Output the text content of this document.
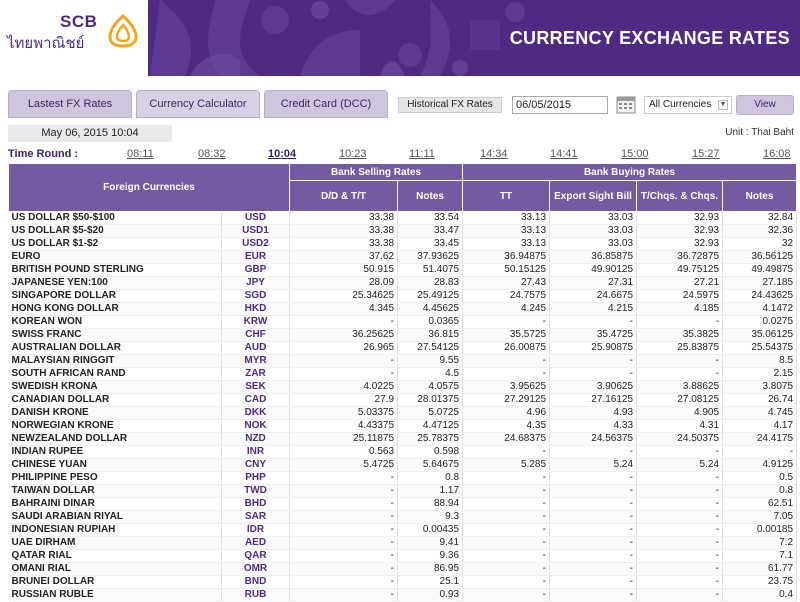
SCB
ไทยพาณิชย์	CURRENCY EXCHANGE RATES
Lastest FX Rates	Currency Calculator	Credit Card (DCC)	Historical FX Rates
06/05/2015	All Currencies ▼	View
May 06, 2015 10:04	Unit : Thai Baht
Time Round :	08:11	08:32	10:04	10:23	11:11	14:34	14:41	15:00	15:27	16:08
Foreign Currencies		Bank Selling Rates		Bank Buying Rates			
		D/D & T/T	Notes	TT	Export Sight Bill	T/Chqs. & Chqs.	Notes
US DOLLAR $50-$100	USD	33.38	33.54	33.13	33.03	32.93	32.84
US DOLLAR $5-$20	USD1	33.38	33.47	33.13	33.03	32.93	32.36
US DOLLAR $1-$2	USD2	33.38	33.45	33.13	33.03	32.93	32
EURO	EUR	37.62	37.93625	36.94875	36.85875	36.72875	36.56125
BRITISH POUND STERLING	GBP	50.915	51.4075	50.15125	49.90125	49.75125	49.49875
JAPANESE YEN:100	JPY	28.09	28.83	27.43	27.31	27.21	27.185
SINGAPORE DOLLAR	SGD	25.34625	25.49125	24.7575	24.6675	24.5975	24.43625
HONG KONG DOLLAR	HKD	4.345	4.45625	4.245	4.215	4.185	4.1472
KOREAN WON	KRW	-	0.0365	-	-	-	0.0275
SWISS FRANC	CHF	36.25625	36.815	35.5725	35.4725	35.3825	35.06125
AUSTRALIAN DOLLAR	AUD	26.965	27.54125	26.00875	25.90875	25.83875	25.54375
MALAYSIAN RINGGIT	MYR	-	9.55	-	-	-	8.5
SOUTH AFRICAN RAND	ZAR	-	4.5	-	-	-	2.15
SWEDISH KRONA	SEK	4.0225	4.0575	3.95625	3.90625	3.88625	3.8075
CANADIAN DOLLAR	CAD	27.9	28.01375	27.29125	27.16125	27.08125	26.74
DANISH KRONE	DKK	5.03375	5.0725	4.96	4.93	4.905	4.745
NORWEGIAN KRONE	NOK	4.43375	4.47125	4.35	4.33	4.31	4.17
NEWZEALAND DOLLAR	NZD	25.11875	25.78375	24.68375	24.56375	24.50375	24.4175
INDIAN RUPEE	INR	0.563	0.598	-	-	-	-
CHINESE YUAN	CNY	5.4725	5.64675	5.285	5.24	5.24	4.9125
PHILIPPINE PESO	PHP	-	0.8	-	-	-	0.5
TAIWAN DOLLAR	TWD	-	1.17	-	-	-	0.8
BAHRAINI DINAR	BHD	-	88.94	-	-	-	62.51
SAUDI ARABIAN RIYAL	SAR	-	9.3	-	-	-	7.05
INDONESIAN RUPIAH	IDR	-	0.00435	-	-	-	0.00185
UAE DIRHAM	AED	-	9.41	-	-	-	7.2
QATAR RIAL	QAR	-	9.36	-	-	-	7.1
OMANI RIAL	OMR	-	86.95	-	-	-	61.77
BRUNEI DOLLAR	BND	-	25.1	-	-	-	23.75
RUSSIAN RUBLE	RUB	-	0.93	-	-	-	0.4
